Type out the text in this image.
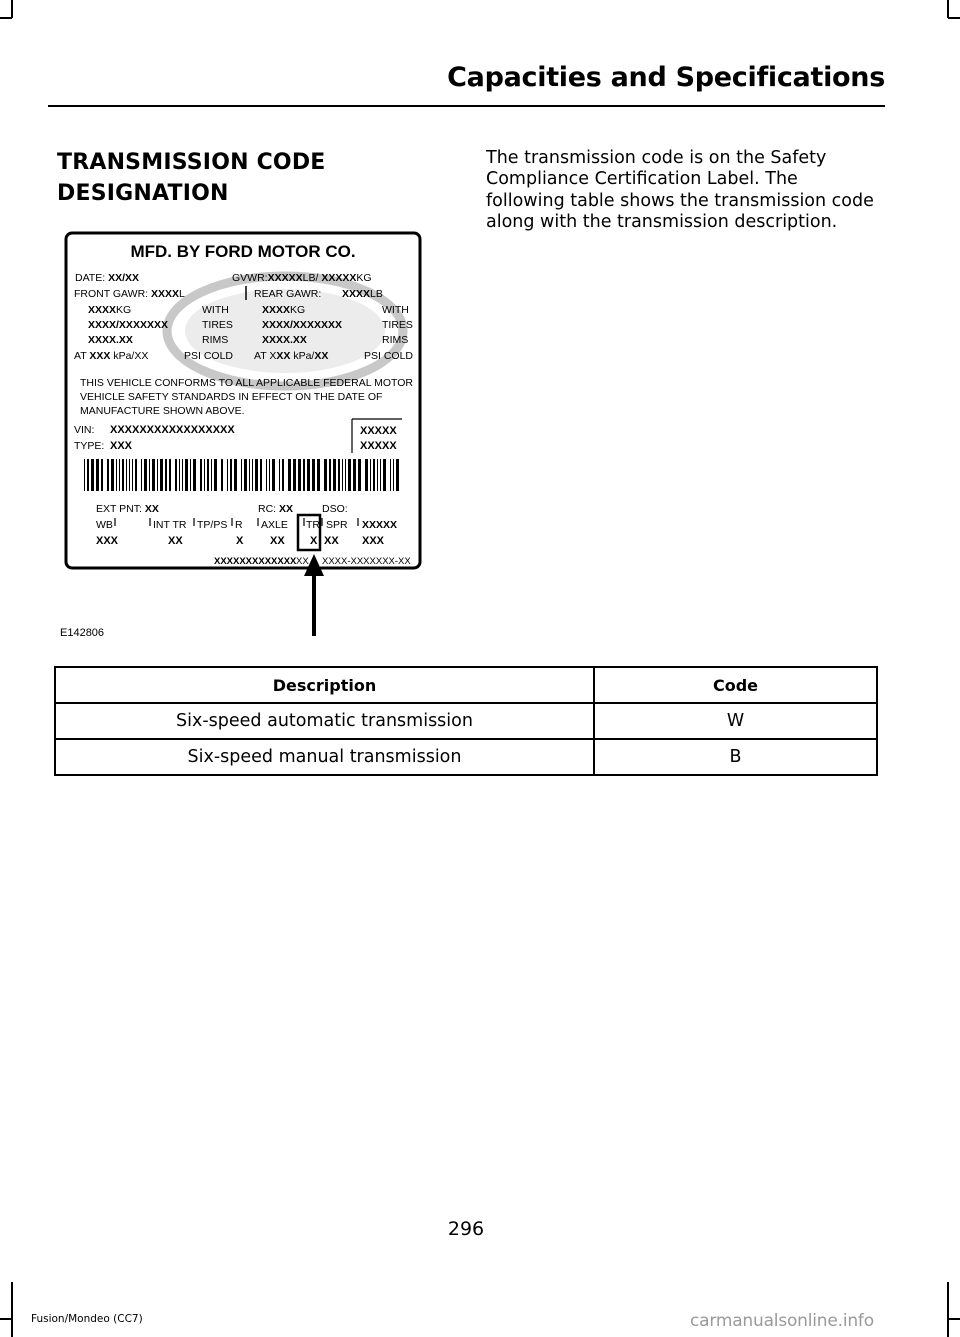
Capacities and Specifications
TRANSMISSION CODE DESIGNATION
The transmission code is on the Safety Compliance Certification Label. The following table shows the transmission code along with the transmission description.
MFD. BY FORD MOTOR CO.
DATE: XX/XX	GVWR:XXXXXLB/ XXXXXKG
FRONT GAWR: XXXXL	REAR GAWR: XXXXLB
XXXXKG	WITH
XXXX/XXXXXXX	TIRES
XXXX.XX	RIMS
AT XXX kPa/XX	PSI COLD
XXXXKG	WITH
XXXX/XXXXXXX	TIRES
XXXX.XX	RIMS
AT XXX kPa/XX	PSI COLD
THIS VEHICLE CONFORMS TO ALL APPLICABLE FEDERAL MOTOR
VEHICLE SAFETY STANDARDS IN EFFECT ON THE DATE OF
MANUFACTURE SHOWN ABOVE.
VIN: XXXXXXXXXXXXXXXXX
TYPE: XXX
XXXXX
XXXXX
EXT PNT: XX	RC: XX	DSO:
WB	INT TR TP/PS R AXLE TR SPR XXXXX
XXX	XX	X XX X XX XXX
XXXXXXXXXXXXX XX XXXX-XXXXXXX-XX
E142806
Description	Code
Six-speed automatic transmission	W
Six-speed manual transmission	B
296
Fusion/Mondeo (CC7)	carmanualsonline.info
